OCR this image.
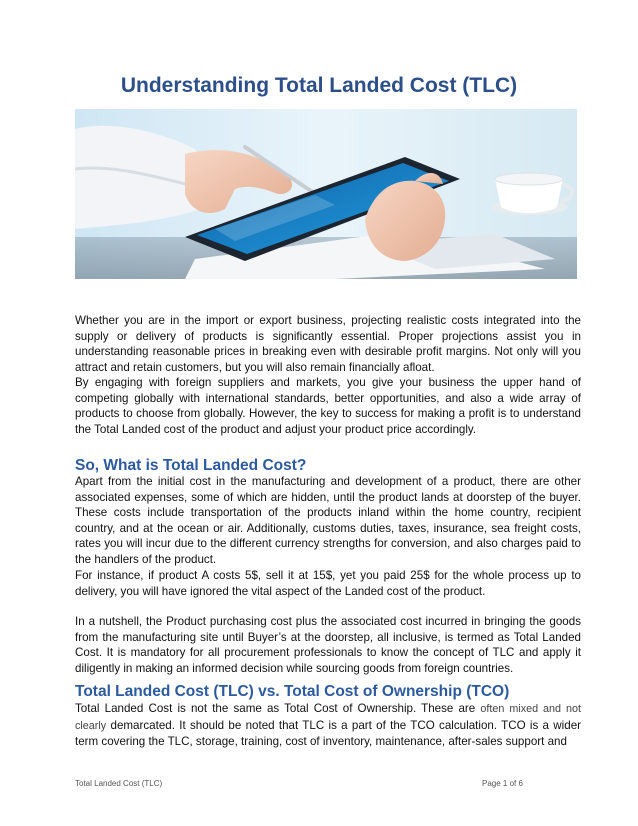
Understanding Total Landed Cost (TLC)

Whether you are in the import or export business, projecting realistic costs integrated into the supply or delivery of products is significantly essential. Proper projections assist you in understanding reasonable prices in breaking even with desirable profit margins. Not only will you attract and retain customers, but you will also remain financially afloat.

By engaging with foreign suppliers and markets, you give your business the upper hand of competing globally with international standards, better opportunities, and also a wide array of products to choose from globally. However, the key to success for making a profit is to understand the Total Landed cost of the product and adjust your product price accordingly.

So, What is Total Landed Cost?

Apart from the initial cost in the manufacturing and development of a product, there are other associated expenses, some of which are hidden, until the product lands at doorstep of the buyer. These costs include transportation of the products inland within the home country, recipient country, and at the ocean or air. Additionally, customs duties, taxes, insurance, sea freight costs, rates you will incur due to the different currency strengths for conversion, and also charges paid to the handlers of the product.

For instance, if product A costs 5$, sell it at 15$, yet you paid 25$ for the whole process up to delivery, you will have ignored the vital aspect of the Landed cost of the product.

In a nutshell, the Product purchasing cost plus the associated cost incurred in bringing the goods from the manufacturing site until Buyer’s at the doorstep, all inclusive, is termed as Total Landed Cost. It is mandatory for all procurement professionals to know the concept of TLC and apply it diligently in making an informed decision while sourcing goods from foreign countries.

Total Landed Cost (TLC) vs. Total Cost of Ownership (TCO)

Total Landed Cost is not the same as Total Cost of Ownership. These are often mixed and not clearly demarcated. It should be noted that TLC is a part of the TCO calculation. TCO is a wider term covering the TLC, storage, training, cost of inventory, maintenance, after-sales support and

Total Landed Cost (TLC)	Page 1 of 6
